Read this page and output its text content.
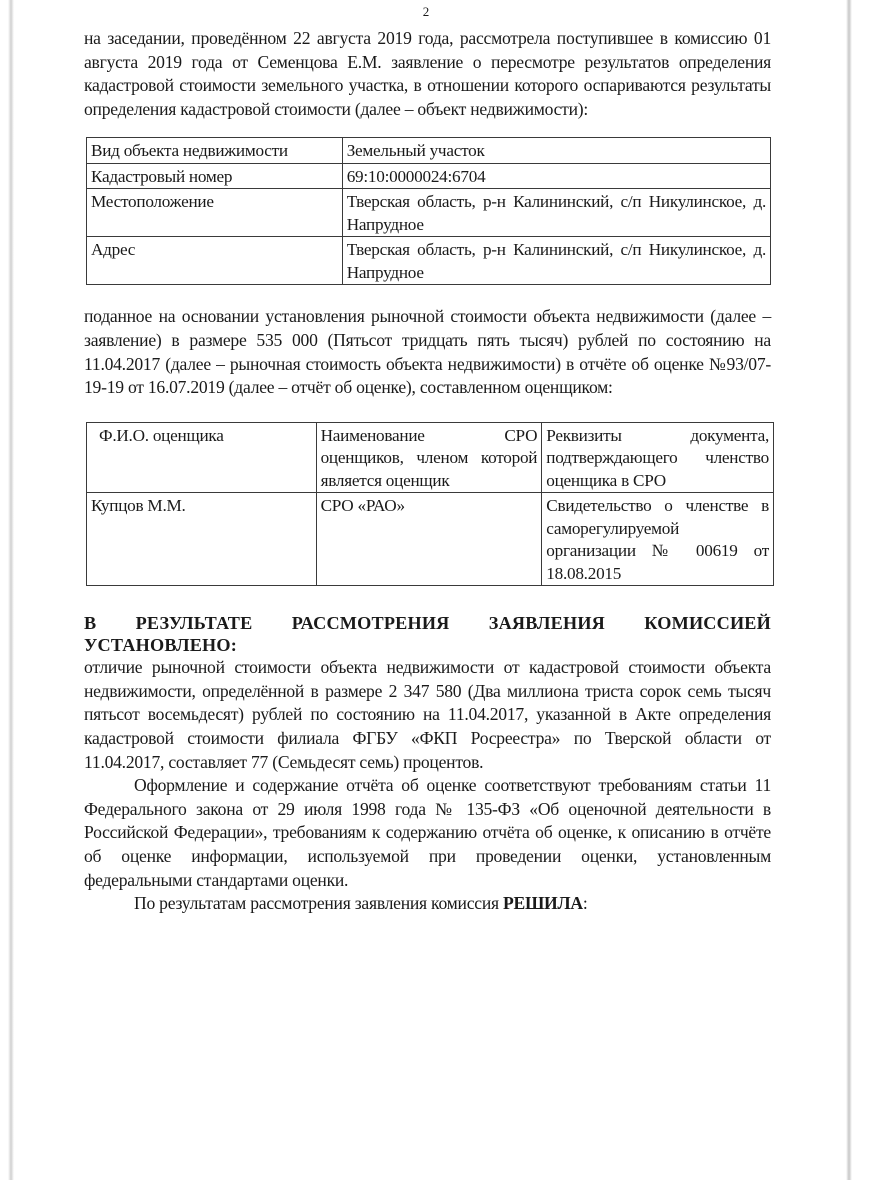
2

на заседании, проведённом 22 августа 2019 года, рассмотрела поступившее в комиссию 01 августа 2019 года от Семенцова Е.М. заявление о пересмотре результатов определения кадастровой стоимости земельного участка, в отношении которого оспариваются результаты определения кадастровой стоимости (далее – объект недвижимости):

Вид объекта недвижимости	Земельный участок
Кадастровый номер	69:10:0000024:6704
Местоположение	Тверская область, р-н Калининский, с/п Никулинское, д. Напрудное
Адрес	Тверская область, р-н Калининский, с/п Никулинское, д. Напрудное

поданное на основании установления рыночной стоимости объекта недвижимости (далее – заявление) в размере 535 000 (Пятьсот тридцать пять тысяч) рублей по состоянию на 11.04.2017 (далее – рыночная стоимость объекта недвижимости) в отчёте об оценке №93/07-19-19 от 16.07.2019 (далее – отчёт об оценке), составленном оценщиком:

Ф.И.О. оценщика	Наименование СРО оценщиков, членом которой является оценщик	Реквизиты документа, подтверждающего членство оценщика в СРО
Купцов М.М.	СРО «РАО»	Свидетельство о членстве в саморегулируемой организации № 00619 от 18.08.2015

В РЕЗУЛЬТАТЕ РАССМОТРЕНИЯ ЗАЯВЛЕНИЯ КОМИССИЕЙ УСТАНОВЛЕНО:

отличие рыночной стоимости объекта недвижимости от кадастровой стоимости объекта недвижимости, определённой в размере 2 347 580 (Два миллиона триста сорок семь тысяч пятьсот восемьдесят) рублей по состоянию на 11.04.2017, указанной в Акте определения кадастровой стоимости филиала ФГБУ «ФКП Росреестра» по Тверской области от 11.04.2017, составляет 77 (Семьдесят семь) процентов.

Оформление и содержание отчёта об оценке соответствуют требованиям статьи 11 Федерального закона от 29 июля 1998 года № 135-ФЗ «Об оценочной деятельности в Российской Федерации», требованиям к содержанию отчёта об оценке, к описанию в отчёте об оценке информации, используемой при проведении оценки, установленным федеральными стандартами оценки.

По результатам рассмотрения заявления комиссия РЕШИЛА:
